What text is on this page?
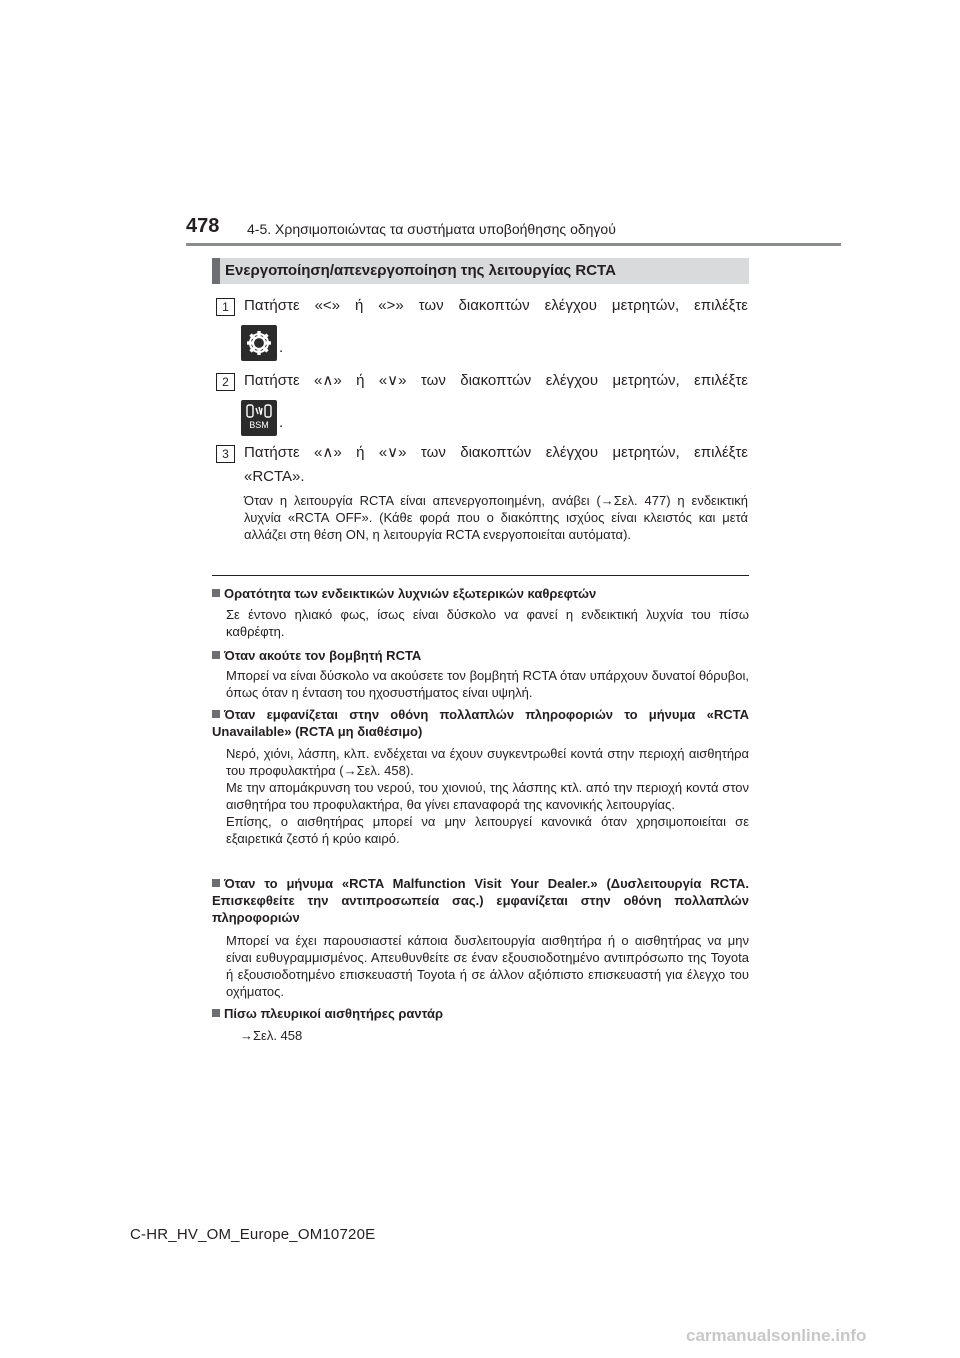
478 4-5. Χρησιμοποιώντας τα συστήματα υποβοήθησης οδηγού
Ενεργοποίηση/απενεργοποίηση της λειτουργίας RCTA
1	Πατήστε «<» ή «>» των διακοπτών ελέγχου μετρητών, επιλέξτε
.
2	Πατήστε «∧» ή «∨» των διακοπτών ελέγχου μετρητών, επιλέξτε
BSM .
3	Πατήστε «∧» ή «∨» των διακοπτών ελέγχου μετρητών, επιλέξτε
«RCTA».
Όταν η λειτουργία RCTA είναι απενεργοποιημένη, ανάβει (→Σελ. 477) η ενδεικτική λυχνία «RCTA OFF». (Κάθε φορά που ο διακόπτης ισχύος είναι κλειστός και μετά αλλάζει στη θέση ON, η λειτουργία RCTA ενεργοποιείται αυτόματα).
Ορατότητα των ενδεικτικών λυχνιών εξωτερικών καθρεφτών

Σε έντονο ηλιακό φως, ίσως είναι δύσκολο να φανεί η ενδεικτική λυχνία του πίσω καθρέφτη.

Όταν ακούτε τον βομβητή RCTA

Μπορεί να είναι δύσκολο να ακούσετε τον βομβητή RCTA όταν υπάρχουν δυνατοί θόρυβοι, όπως όταν η ένταση του ηχοσυστήματος είναι υψηλή.

Όταν εμφανίζεται στην οθόνη πολλαπλών πληροφοριών το μήνυμα «RCTA Unavailable» (RCTA μη διαθέσιμο)

Νερό, χιόνι, λάσπη, κλπ. ενδέχεται να έχουν συγκεντρωθεί κοντά στην περιοχή αισθητήρα του προφυλακτήρα (→Σελ. 458).

Με την απομάκρυνση του νερού, του χιονιού, της λάσπης κτλ. από την περιοχή κοντά στον αισθητήρα του προφυλακτήρα, θα γίνει επαναφορά της κανονικής λειτουργίας.

Επίσης, ο αισθητήρας μπορεί να μην λειτουργεί κανονικά όταν χρησιμοποιείται σε εξαιρετικά ζεστό ή κρύο καιρό.

Όταν το μήνυμα «RCTA Malfunction Visit Your Dealer.» (Δυσλειτουργία RCTA. Επισκεφθείτε την αντιπροσωπεία σας.) εμφανίζεται στην οθόνη πολλαπλών πληροφοριών

Μπορεί να έχει παρουσιαστεί κάποια δυσλειτουργία αισθητήρα ή ο αισθητήρας να μην είναι ευθυγραμμισμένος. Απευθυνθείτε σε έναν εξουσιοδοτημένο αντιπρόσωπο της Toyota ή εξουσιοδοτημένο επισκευαστή Toyota ή σε άλλον αξιόπιστο επισκευαστή για έλεγχο του οχήματος.

Πίσω πλευρικοί αισθητήρες ραντάρ

→Σελ. 458

C-HR_HV_OM_Europe_OM10720E
carmanualsonline.info
